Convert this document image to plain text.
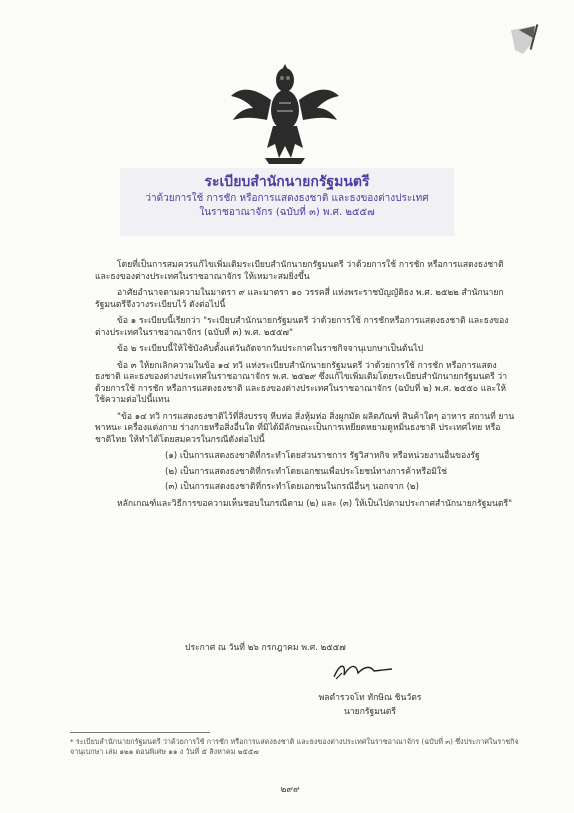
ระเบียบสำนักนายกรัฐมนตรี
ว่าด้วยการใช้ การชัก หรือการแสดงธงชาติ และธงของต่างประเทศ
ในราชอาณาจักร (ฉบับที่ ๓) พ.ศ. ๒๕๕๗

โดยที่เป็นการสมควรแก้ไขเพิ่มเติมระเบียบสำนักนายกรัฐมนตรี ว่าด้วยการใช้ การชัก หรือการแสดงธงชาติและธงของต่างประเทศในราชอาณาจักร ให้เหมาะสมยิ่งขึ้น

อาศัยอำนาจตามความในมาตรา ๙ และมาตรา ๑๐ วรรคสี่ แห่งพระราชบัญญัติธง พ.ศ. ๒๕๒๒ สำนักนายกรัฐมนตรีจึงวางระเบียบไว้ ดังต่อไปนี้

ข้อ ๑ ระเบียบนี้เรียกว่า "ระเบียบสำนักนายกรัฐมนตรี ว่าด้วยการใช้ การชักหรือการแสดงธงชาติ และธงของต่างประเทศในราชอาณาจักร (ฉบับที่ ๓) พ.ศ. ๒๕๕๗"

ข้อ ๒ ระเบียบนี้ให้ใช้บังคับตั้งแต่วันถัดจากวันประกาศในราชกิจจานุเบกษาเป็นต้นไป

ข้อ ๓ ให้ยกเลิกความในข้อ ๑๔ ทวิ แห่งระเบียบสำนักนายกรัฐมนตรี ว่าด้วยการใช้ การชัก หรือการแสดงธงชาติ และธงของต่างประเทศในราชอาณาจักร พ.ศ. ๒๕๒๙ ซึ่งแก้ไขเพิ่มเติมโดยระเบียบสำนักนายกรัฐมนตรี ว่าด้วยการใช้ การชัก หรือการแสดงธงชาติ และธงของต่างประเทศในราชอาณาจักร (ฉบับที่ ๒) พ.ศ. ๒๕๕๐ และให้ใช้ความต่อไปนี้แทน

"ข้อ ๑๔ ทวิ การแสดงธงชาติไว้ที่สิ่งบรรจุ หีบห่อ สิ่งหุ้มห่อ สิ่งผูกมัด ผลิตภัณฑ์ สินค้าใดๆ อาหาร สถานที่ ยานพาหนะ เครื่องแต่งกาย ร่างกายหรือสิ่งอื่นใด ที่มิได้มีลักษณะเป็นการเหยียดหยามดูหมิ่นธงชาติ ประเทศไทย หรือชาติไทย ให้ทำได้โดยสมควรในกรณีดังต่อไปนี้

(๑) เป็นการแสดงธงชาติที่กระทำโดยส่วนราชการ รัฐวิสาหกิจ หรือหน่วยงานอื่นของรัฐ
(๒) เป็นการแสดงธงชาติที่กระทำโดยเอกชนเพื่อประโยชน์ทางการค้าหรือมิใช่
(๓) เป็นการแสดงธงชาติที่กระทำโดยเอกชนในกรณีอื่นๆ นอกจาก (๒)

หลักเกณฑ์และวิธีการขอความเห็นชอบในกรณีตาม (๒) และ (๓) ให้เป็นไปตามประกาศสำนักนายกรัฐมนตรี"

ประกาศ ณ วันที่ ๒๖ กรกฎาคม พ.ศ. ๒๕๕๗
พลตำรวจโท ทักษิณ ชินวัตร
นายกรัฐมนตรี
* ระเบียบสำนักนายกรัฐมนตรี ว่าด้วยการใช้ การชัก หรือการแสดงธงชาติ และธงของต่างประเทศในราชอาณาจักร (ฉบับที่ ๓) ซึ่งประกาศในราชกิจจานุเบกษา เล่ม ๑๒๑ ตอนพิเศษ ๑๑ ง วันที่ ๕ สิงหาคม ๒๕๕๗
๒๙๙
